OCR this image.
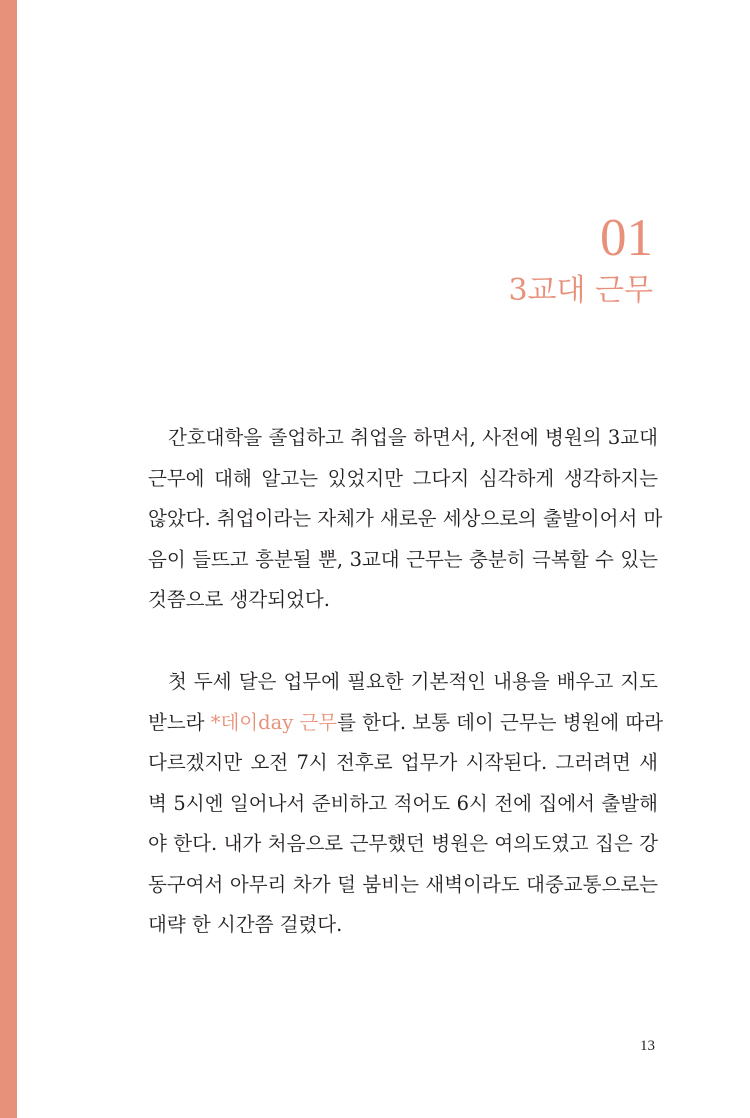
01
3교대 근무
간호대학을 졸업하고 취업을 하면서, 사전에 병원의 3교대
근무에 대해 알고는 있었지만 그다지 심각하게 생각하지는
않았다. 취업이라는 자체가 새로운 세상으로의 출발이어서 마
음이 들뜨고 흥분될 뿐, 3교대 근무는 충분히 극복할 수 있는
것쯤으로 생각되었다.
첫 두세 달은 업무에 필요한 기본적인 내용을 배우고 지도
받느라 *데이day 근무를 한다. 보통 데이 근무는 병원에 따라
다르겠지만 오전 7시 전후로 업무가 시작된다. 그러려면 새
벽 5시엔 일어나서 준비하고 적어도 6시 전에 집에서 출발해
야 한다. 내가 처음으로 근무했던 병원은 여의도였고 집은 강
동구여서 아무리 차가 덜 붐비는 새벽이라도 대중교통으로는
대략 한 시간쯤 걸렸다.
13
